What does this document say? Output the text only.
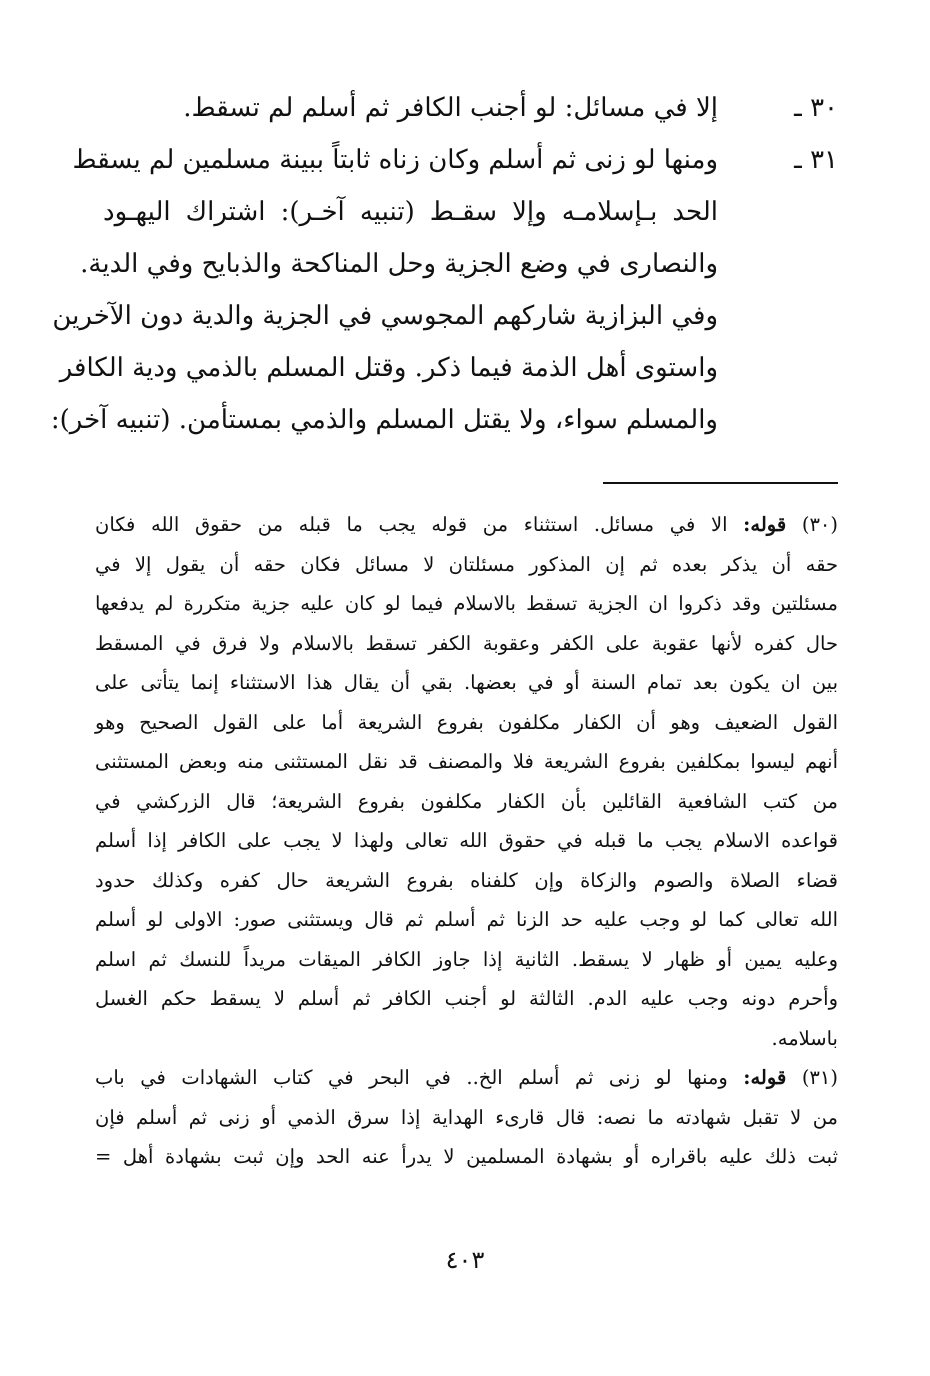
٣٠ ـ

إلا في مسائل: لو أجنب الكافر ثم أسلم لم تسقط.

٣١ ـ

ومنها لو زنى ثم أسلم وكان زناه ثابتاً ببينة مسلمين لم يسقط

الحد بـإسلامـه وإلا سقـط (تنبيه آخـر): اشتراك اليهـود

والنصارى في وضع الجزية وحل المناكحة والذبايح وفي الدية.

وفي البزازية شاركهم المجوسي في الجزية والدية دون الآخرين

واستوى أهل الذمة فيما ذكر. وقتل المسلم بالذمي ودية الكافر

والمسلم سواء، ولا يقتل المسلم والذمي بمستأمن. (تنبيه آخر):

(٣٠) قوله: الا في مسائل. استثناء من قوله يجب ما قبله من حقوق الله فكان

حقه أن يذكر بعده ثم إن المذكور مسئلتان لا مسائل فكان حقه أن يقول إلا في

مسئلتين وقد ذكروا ان الجزية تسقط بالاسلام فيما لو كان عليه جزية متكررة لم يدفعها

حال كفره لأنها عقوبة على الكفر وعقوبة الكفر تسقط بالاسلام ولا فرق في المسقط

بين ان يكون بعد تمام السنة أو في بعضها. بقي أن يقال هذا الاستثناء إنما يتأتى على

القول الضعيف وهو أن الكفار مكلفون بفروع الشريعة أما على القول الصحيح وهو

أنهم ليسوا بمكلفين بفروع الشريعة فلا والمصنف قد نقل المستثنى منه وبعض المستثنى

من كتب الشافعية القائلين بأن الكفار مكلفون بفروع الشريعة؛ قال الزركشي في

قواعده الاسلام يجب ما قبله في حقوق الله تعالى ولهذا لا يجب على الكافر إذا أسلم

قضاء الصلاة والصوم والزكاة وإن كلفناه بفروع الشريعة حال كفره وكذلك حدود

الله تعالى كما لو وجب عليه حد الزنا ثم أسلم ثم قال ويستثنى صور: الاولى لو أسلم

وعليه يمين أو ظهار لا يسقط. الثانية إذا جاوز الكافر الميقات مريداً للنسك ثم اسلم

وأحرم دونه وجب عليه الدم. الثالثة لو أجنب الكافر ثم أسلم لا يسقط حكم الغسل

باسلامه.

(٣١) قوله: ومنها لو زنى ثم أسلم الخ.. في البحر في كتاب الشهادات في باب

من لا تقبل شهادته ما نصه: قال قارىء الهداية إذا سرق الذمي أو زنى ثم أسلم فإن

ثبت ذلك عليه باقراره أو بشهادة المسلمين لا يدرأ عنه الحد وإن ثبت بشهادة أهل =

٤٠٣
